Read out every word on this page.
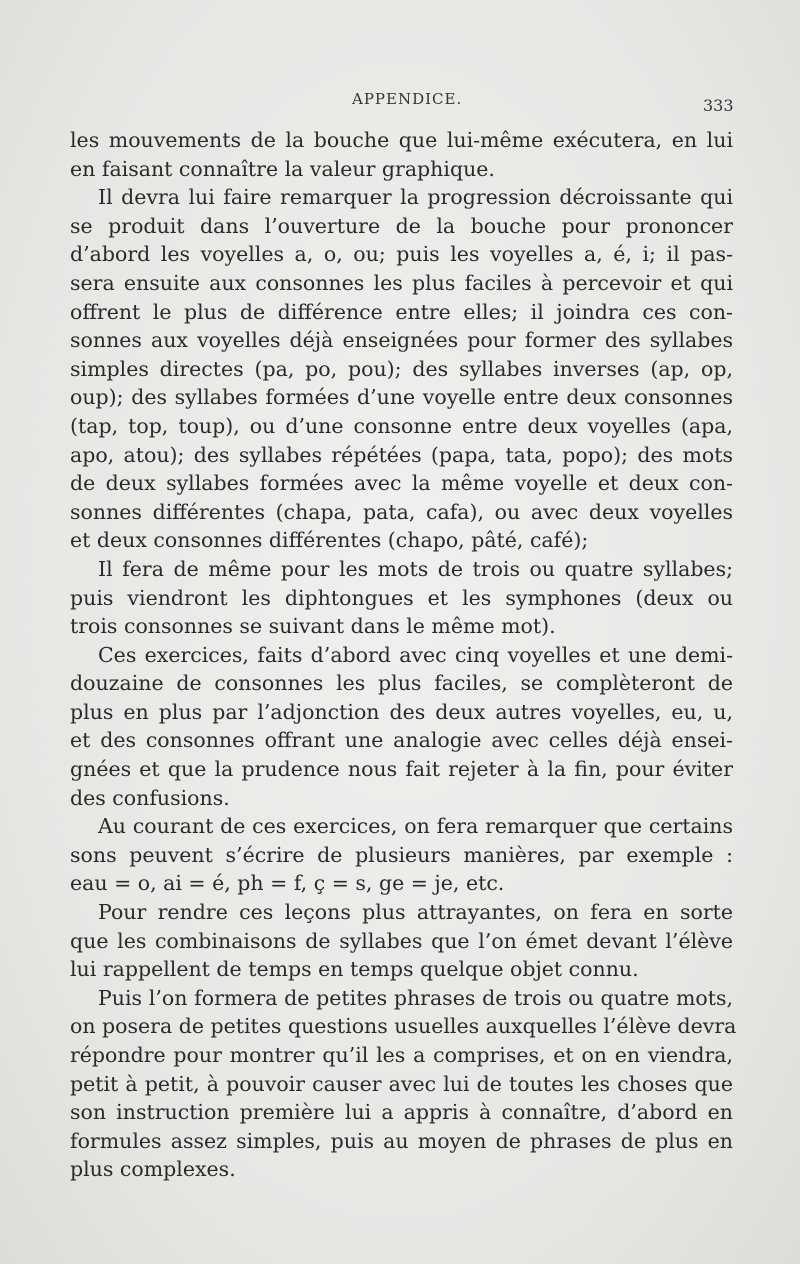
APPENDICE.	333
les mouvements de la bouche que lui-même exécutera, en lui
en faisant connaître la valeur graphique.
Il devra lui faire remarquer la progression décroissante qui
se produit dans l’ouverture de la bouche pour prononcer
d’abord les voyelles a, o, ou; puis les voyelles a, é, i; il pas-
sera ensuite aux consonnes les plus faciles à percevoir et qui
offrent le plus de différence entre elles; il joindra ces con-
sonnes aux voyelles déjà enseignées pour former des syllabes
simples directes (pa, po, pou); des syllabes inverses (ap, op,
oup); des syllabes formées d’une voyelle entre deux consonnes
(tap, top, toup), ou d’une consonne entre deux voyelles (apa,
apo, atou); des syllabes répétées (papa, tata, popo); des mots
de deux syllabes formées avec la même voyelle et deux con-
sonnes différentes (chapa, pata, cafa), ou avec deux voyelles
et deux consonnes différentes (chapo, pâté, café);
Il fera de même pour les mots de trois ou quatre syllabes;
puis viendront les diphtongues et les symphones (deux ou
trois consonnes se suivant dans le même mot).
Ces exercices, faits d’abord avec cinq voyelles et une demi-
douzaine de consonnes les plus faciles, se complèteront de
plus en plus par l’adjonction des deux autres voyelles, eu, u,
et des consonnes offrant une analogie avec celles déjà ensei-
gnées et que la prudence nous fait rejeter à la fin, pour éviter
des confusions.
Au courant de ces exercices, on fera remarquer que certains
sons peuvent s’écrire de plusieurs manières, par exemple :
eau = o, ai = é, ph = f, ç = s, ge = je, etc.
Pour rendre ces leçons plus attrayantes, on fera en sorte
que les combinaisons de syllabes que l’on émet devant l’élève
lui rappellent de temps en temps quelque objet connu.
Puis l’on formera de petites phrases de trois ou quatre mots,
on posera de petites questions usuelles auxquelles l’élève devra
répondre pour montrer qu’il les a comprises, et on en viendra,
petit à petit, à pouvoir causer avec lui de toutes les choses que
son instruction première lui a appris à connaître, d’abord en
formules assez simples, puis au moyen de phrases de plus en
plus complexes.
